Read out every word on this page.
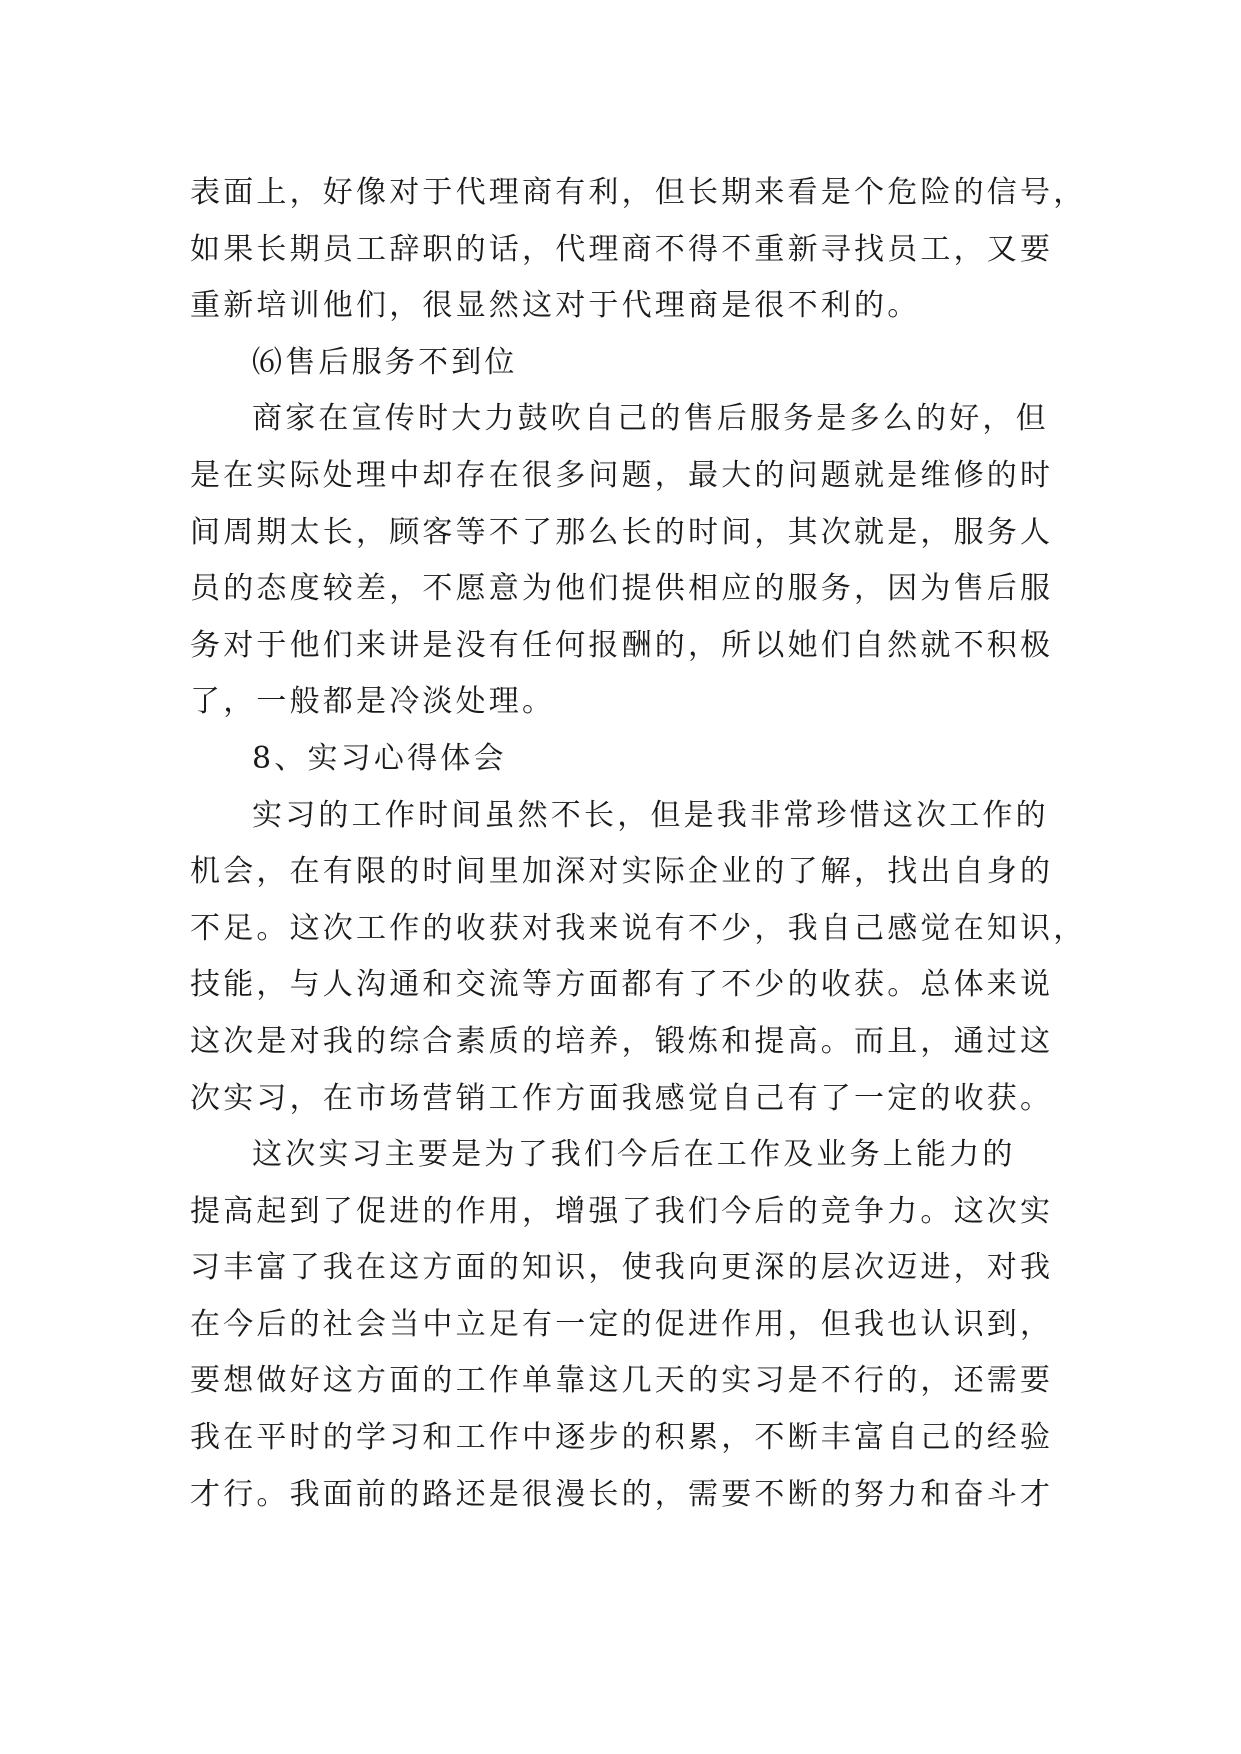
表面上，好像对于代理商有利，但长期来看是个危险的信号，
如果长期员工辞职的话，代理商不得不重新寻找员工，又要
重新培训他们，很显然这对于代理商是很不利的。
⑹售后服务不到位
商家在宣传时大力鼓吹自己的售后服务是多么的好，但
是在实际处理中却存在很多问题，最大的问题就是维修的时
间周期太长，顾客等不了那么长的时间，其次就是，服务人
员的态度较差，不愿意为他们提供相应的服务，因为售后服
务对于他们来讲是没有任何报酬的，所以她们自然就不积极
了，一般都是冷淡处理。
8、实习心得体会
实习的工作时间虽然不长，但是我非常珍惜这次工作的
机会，在有限的时间里加深对实际企业的了解，找出自身的
不足。这次工作的收获对我来说有不少，我自己感觉在知识，
技能，与人沟通和交流等方面都有了不少的收获。总体来说
这次是对我的综合素质的培养，锻炼和提高。而且，通过这
次实习，在市场营销工作方面我感觉自己有了一定的收获。
这次实习主要是为了我们今后在工作及业务上能力的
提高起到了促进的作用，增强了我们今后的竞争力。这次实
习丰富了我在这方面的知识，使我向更深的层次迈进，对我
在今后的社会当中立足有一定的促进作用，但我也认识到，
要想做好这方面的工作单靠这几天的实习是不行的，还需要
我在平时的学习和工作中逐步的积累，不断丰富自己的经验
才行。我面前的路还是很漫长的，需要不断的努力和奋斗才
